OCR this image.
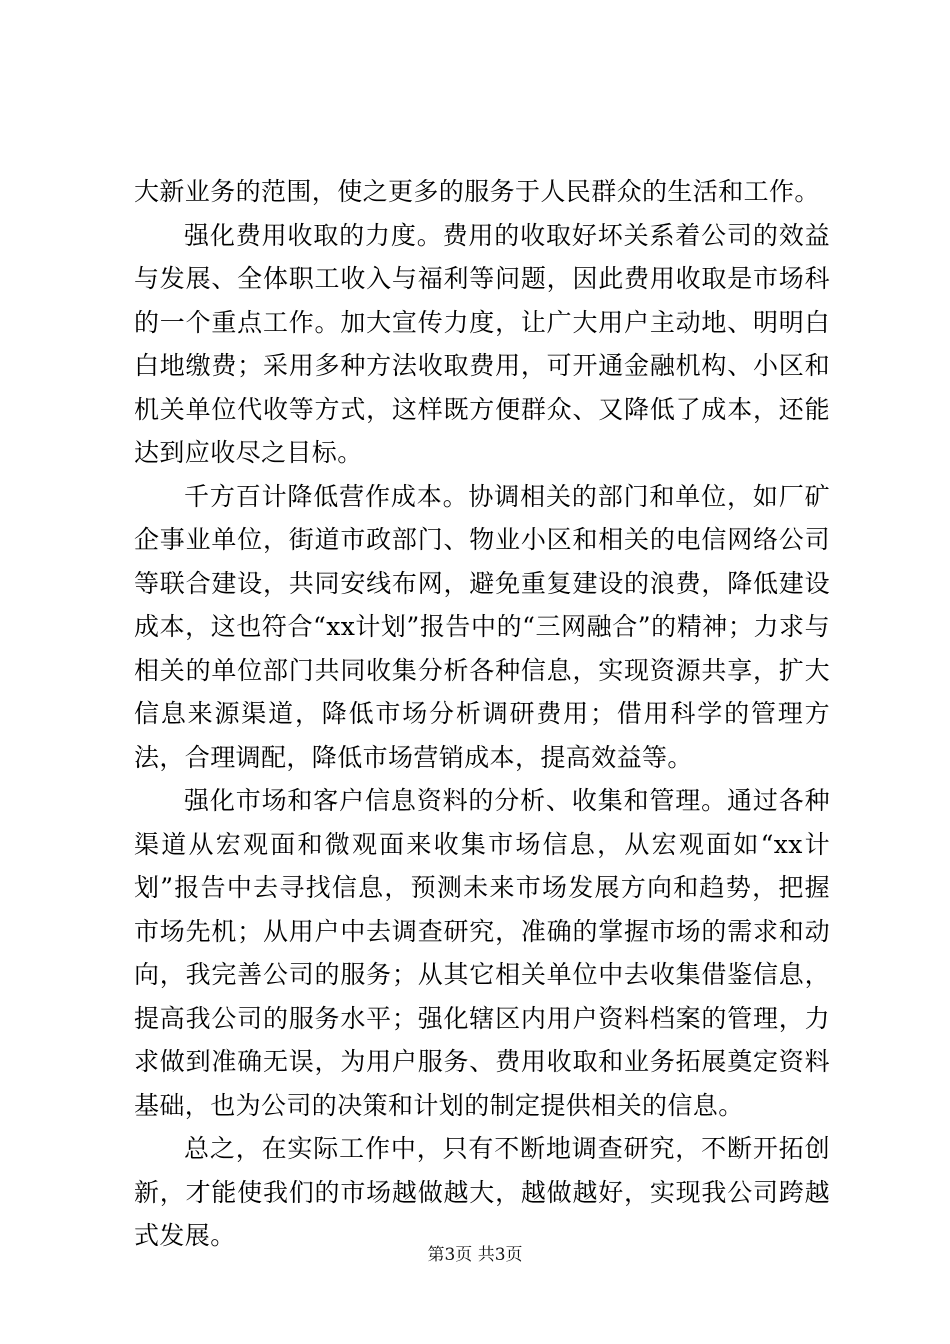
大新业务的范围，使之更多的服务于人民群众的生活和工作。

强化费用收取的力度。费用的收取好坏关系着公司的效益与发展、全体职工收入与福利等问题，因此费用收取是市场科的一个重点工作。加大宣传力度，让广大用户主动地、明明白白地缴费；采用多种方法收取费用，可开通金融机构、小区和机关单位代收等方式，这样既方便群众、又降低了成本，还能达到应收尽之目标。

千方百计降低营作成本。协调相关的部门和单位，如厂矿企事业单位，街道市政部门、物业小区和相关的电信网络公司等联合建设，共同安线布网，避免重复建设的浪费，降低建设成本，这也符合“xx计划”报告中的“三网融合”的精神；力求与相关的单位部门共同收集分析各种信息，实现资源共享，扩大信息来源渠道，降低市场分析调研费用；借用科学的管理方法，合理调配，降低市场营销成本，提高效益等。

强化市场和客户信息资料的分析、收集和管理。通过各种渠道从宏观面和微观面来收集市场信息，从宏观面如“xx计划”报告中去寻找信息，预测未来市场发展方向和趋势，把握市场先机；从用户中去调查研究，准确的掌握市场的需求和动向，我完善公司的服务；从其它相关单位中去收集借鉴信息，提高我公司的服务水平；强化辖区内用户资料档案的管理，力求做到准确无误，为用户服务、费用收取和业务拓展奠定资料基础，也为公司的决策和计划的制定提供相关的信息。

总之，在实际工作中，只有不断地调查研究，不断开拓创新，才能使我们的市场越做越大，越做越好，实现我公司跨越式发展。

第3页 共3页
